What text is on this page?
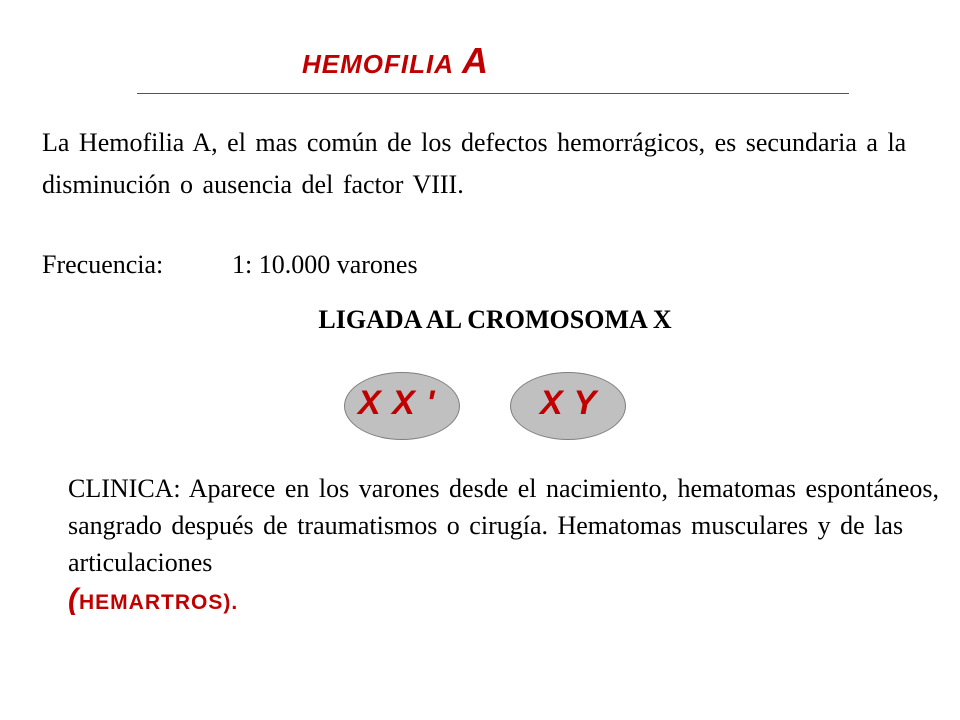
HEMOFILIA A
La Hemofilia A, el mas común de los defectos hemorrágicos, es secundaria a la disminución o ausencia del factor VIII.
Frecuencia:	1: 10.000 varones
LIGADA AL CROMOSOMA X
X X '	X Y
CLINICA: Aparece en los varones desde el nacimiento, hematomas espontáneos, sangrado después de traumatismos o cirugía. Hematomas musculares y de las articulaciones
(HEMARTROS).
